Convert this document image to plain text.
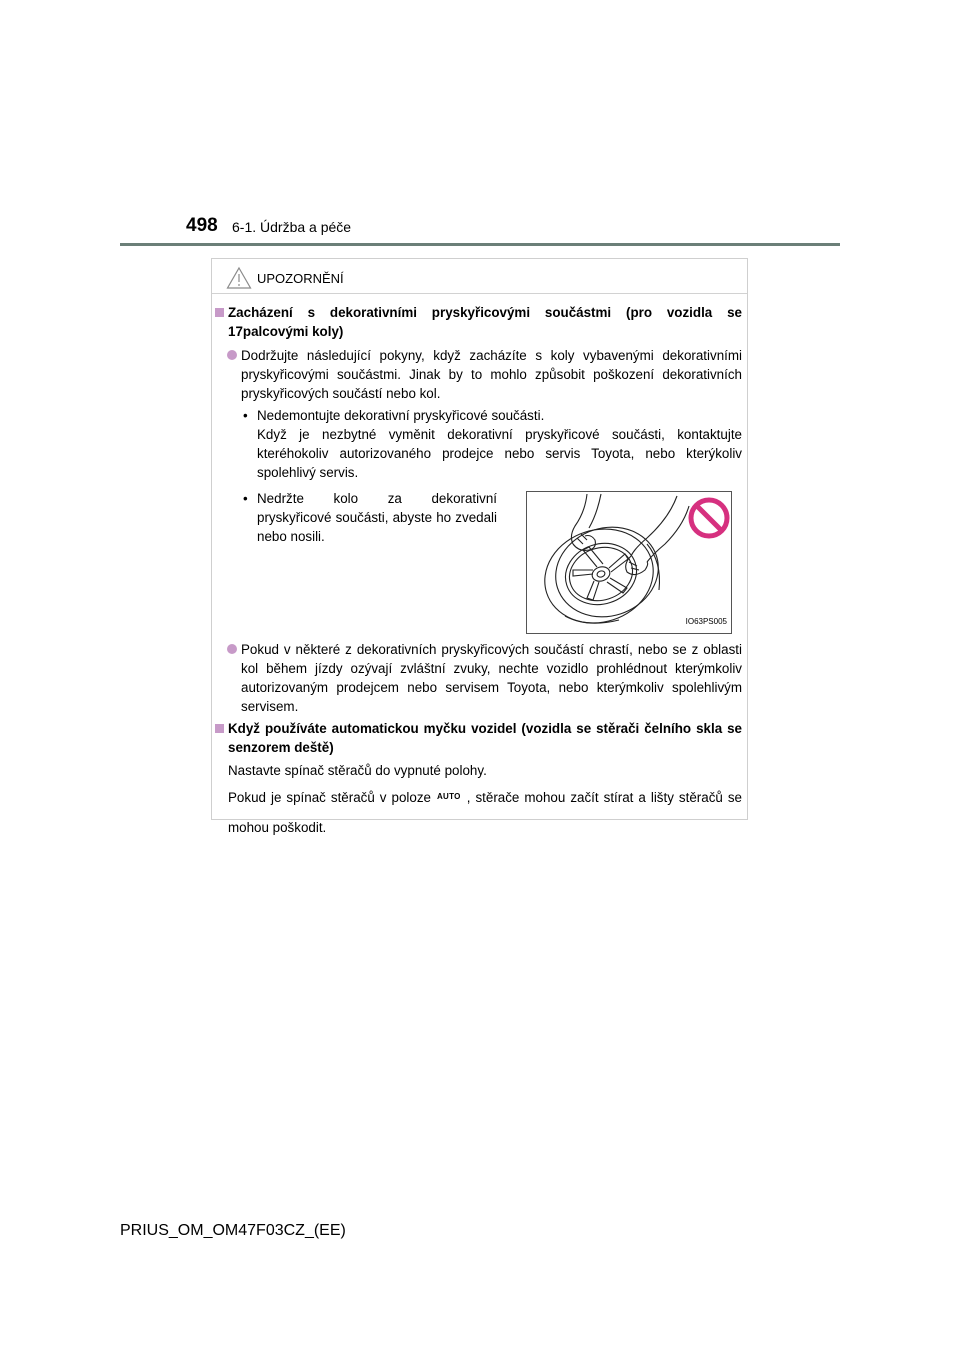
498 6-1. Údržba a péče
UPOZORNĚNÍ
Zacházení s dekorativními pryskyřicovými součástmi (pro vozidla se 17palcovými koly)
Dodržujte následující pokyny, když zacházíte s koly vybavenými dekorativními pryskyřicovými součástmi. Jinak by to mohlo způsobit poškození dekorativních pryskyřicových součástí nebo kol.
• Nedemontujte dekorativní pryskyřicové součásti.
Když je nezbytné vyměnit dekorativní pryskyřicové součásti, kontaktujte kteréhokoliv autorizovaného prodejce nebo servis Toyota, nebo kterýkoliv spolehlivý servis.
• Nedržte kolo za dekorativní pryskyřicové součásti, abyste ho zvedali nebo nosili.
IO63PS005
Pokud v některé z dekorativních pryskyřicových součástí chrastí, nebo se z oblasti kol během jízdy ozývají zvláštní zvuky, nechte vozidlo prohlédnout kterýmkoliv autorizovaným prodejcem nebo servisem Toyota, nebo kterýmkoliv spolehlivým servisem.
Když používáte automatickou myčku vozidel (vozidla se stěrači čelního skla se senzorem deště)
Nastavte spínač stěračů do vypnuté polohy.
Pokud je spínač stěračů v poloze AUTO , stěrače mohou začít stírat a lišty stěračů se mohou poškodit.
PRIUS_OM_OM47F03CZ_(EE)
